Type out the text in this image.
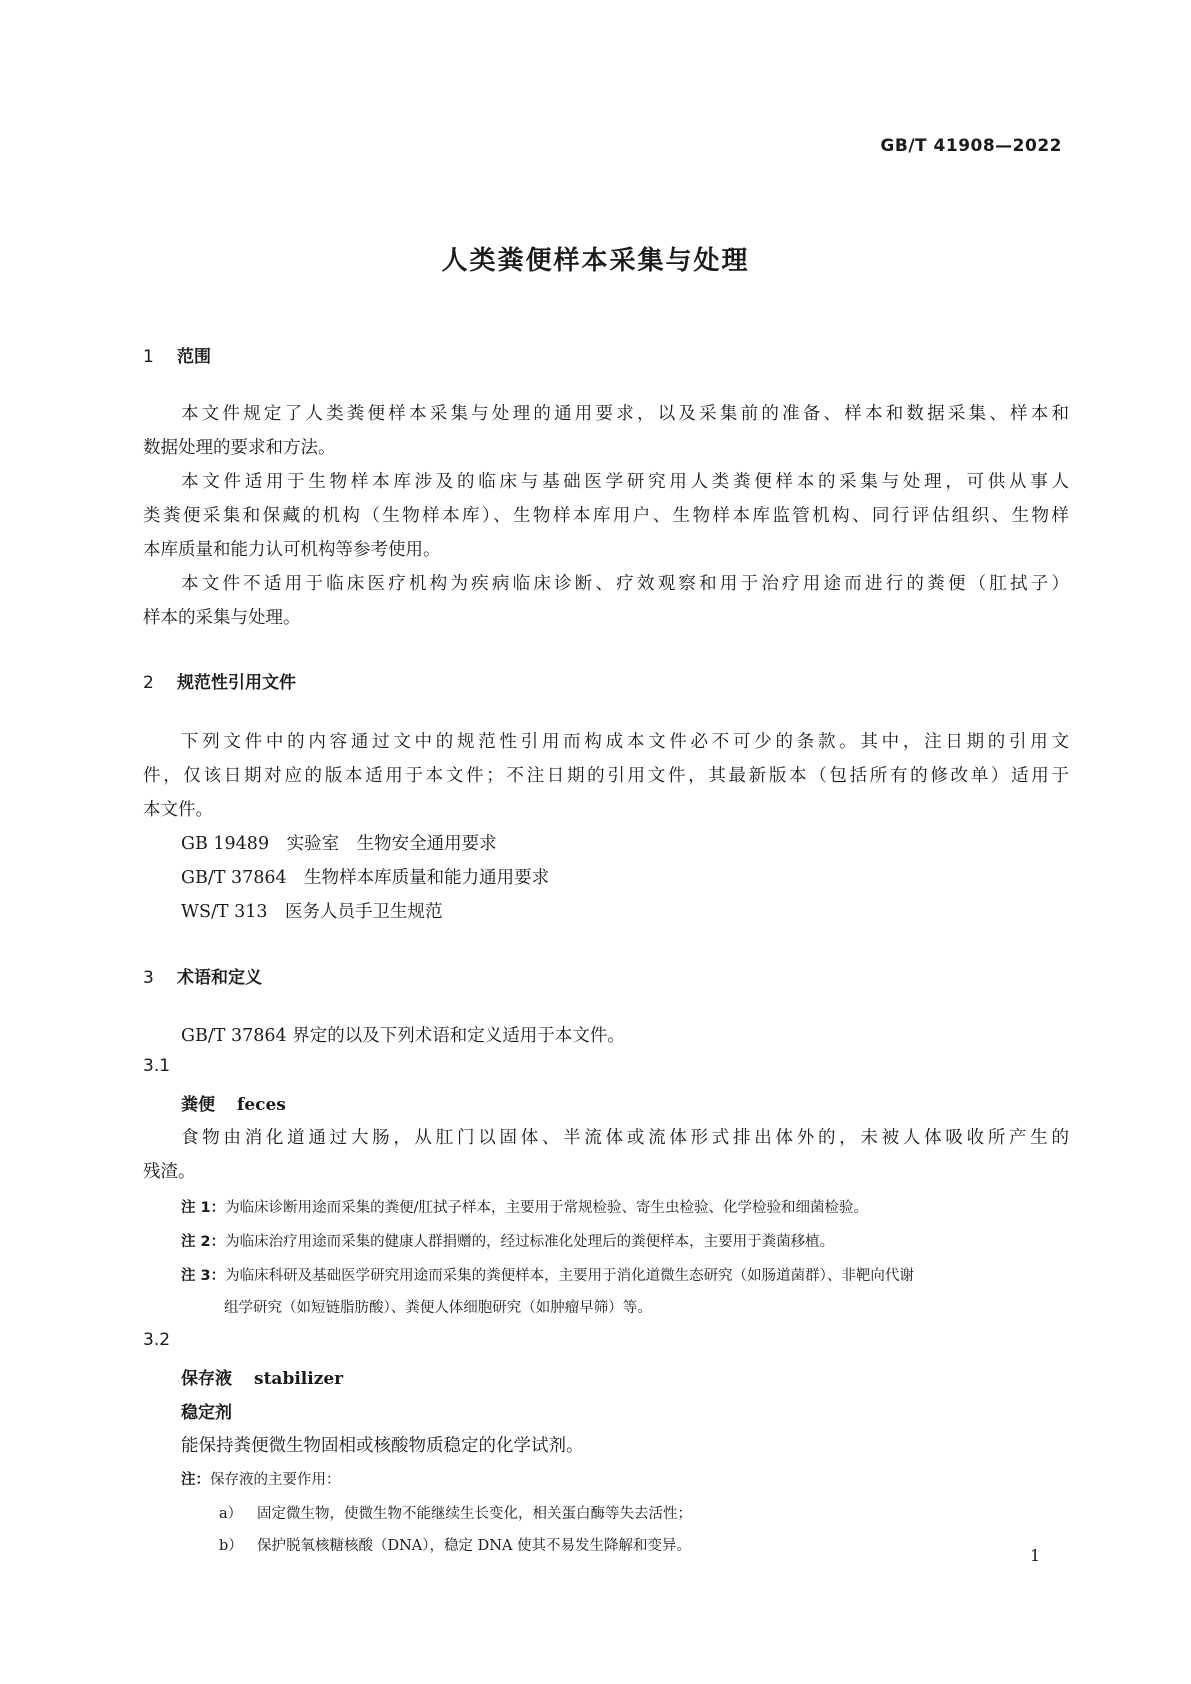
GB/T 41908—2022
人类粪便样本采集与处理
1 范围
本文件规定了人类粪便样本采集与处理的通用要求，以及采集前的准备、样本和数据采集、样本和
数据处理的要求和方法。
本文件适用于生物样本库涉及的临床与基础医学研究用人类粪便样本的采集与处理，可供从事人
类粪便采集和保藏的机构（生物样本库）、生物样本库用户、生物样本库监管机构、同行评估组织、生物样
本库质量和能力认可机构等参考使用。
本文件不适用于临床医疗机构为疾病临床诊断、疗效观察和用于治疗用途而进行的粪便（肛拭子）
样本的采集与处理。
2 规范性引用文件
下列文件中的内容通过文中的规范性引用而构成本文件必不可少的条款。其中，注日期的引用文
件，仅该日期对应的版本适用于本文件；不注日期的引用文件，其最新版本（包括所有的修改单）适用于
本文件。
GB 19489　 实验室　生物安全通用要求
GB/T 37864　 生物样本库质量和能力通用要求
WS/T 313　 医务人员手卫生规范
3 术语和定义
GB/T 37864 界定的以及下列术语和定义适用于本文件。
3.1
粪便 feces
食物由消化道通过大肠，从肛门以固体、半流体或流体形式排出体外的，未被人体吸收所产生的
残渣。
注 1：为临床诊断用途而采集的粪便/肛拭子样本，主要用于常规检验、寄生虫检验、化学检验和细菌检验。
注 2：为临床治疗用途而采集的健康人群捐赠的，经过标准化处理后的粪便样本，主要用于粪菌移植。
注 3：为临床科研及基础医学研究用途而采集的粪便样本，主要用于消化道微生态研究（如肠道菌群）、非靶向代谢
组学研究（如短链脂肪酸）、粪便人体细胞研究（如肿瘤早筛）等。
3.2
保存液 stabilizer
稳定剂
能保持粪便微生物固相或核酸物质稳定的化学试剂。
注：保存液的主要作用：
a） 固定微生物，使微生物不能继续生长变化，相关蛋白酶等失去活性；
b） 保护脱氧核糖核酸（DNA），稳定 DNA 使其不易发生降解和变异。	1
